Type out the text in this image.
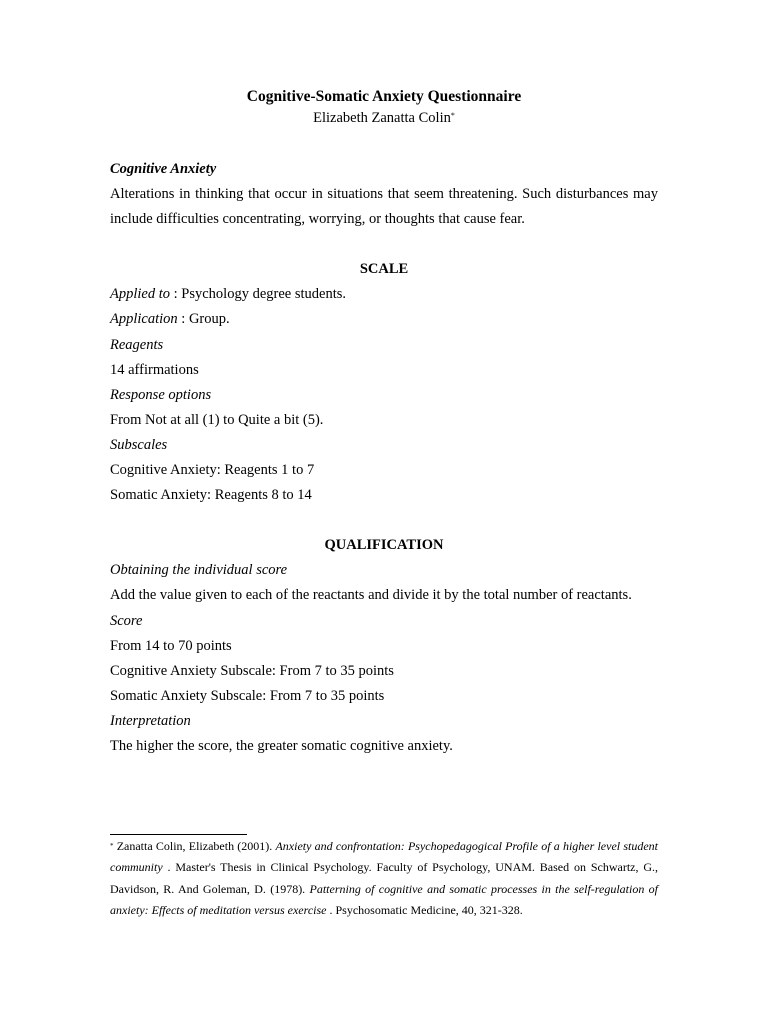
Cognitive-Somatic Anxiety Questionnaire

Elizabeth Zanatta Colin*

Cognitive Anxiety

Alterations in thinking that occur in situations that seem threatening. Such disturbances may include difficulties concentrating, worrying, or thoughts that cause fear.

SCALE

Applied to : Psychology degree students.

Application : Group.

Reagents

14 affirmations

Response options

From Not at all (1) to Quite a bit (5).

Subscales

Cognitive Anxiety: Reagents 1 to 7

Somatic Anxiety: Reagents 8 to 14

QUALIFICATION

Obtaining the individual score

Add the value given to each of the reactants and divide it by the total number of reactants.

Score

From 14 to 70 points

Cognitive Anxiety Subscale: From 7 to 35 points

Somatic Anxiety Subscale: From 7 to 35 points

Interpretation

The higher the score, the greater somatic cognitive anxiety.

* Zanatta Colin, Elizabeth (2001). Anxiety and confrontation: Psychopedagogical Profile of a higher level student community . Master's Thesis in Clinical Psychology. Faculty of Psychology, UNAM. Based on Schwartz, G., Davidson, R. And Goleman, D. (1978). Patterning of cognitive and somatic processes in the self-regulation of anxiety: Effects of meditation versus exercise . Psychosomatic Medicine, 40, 321-328.
